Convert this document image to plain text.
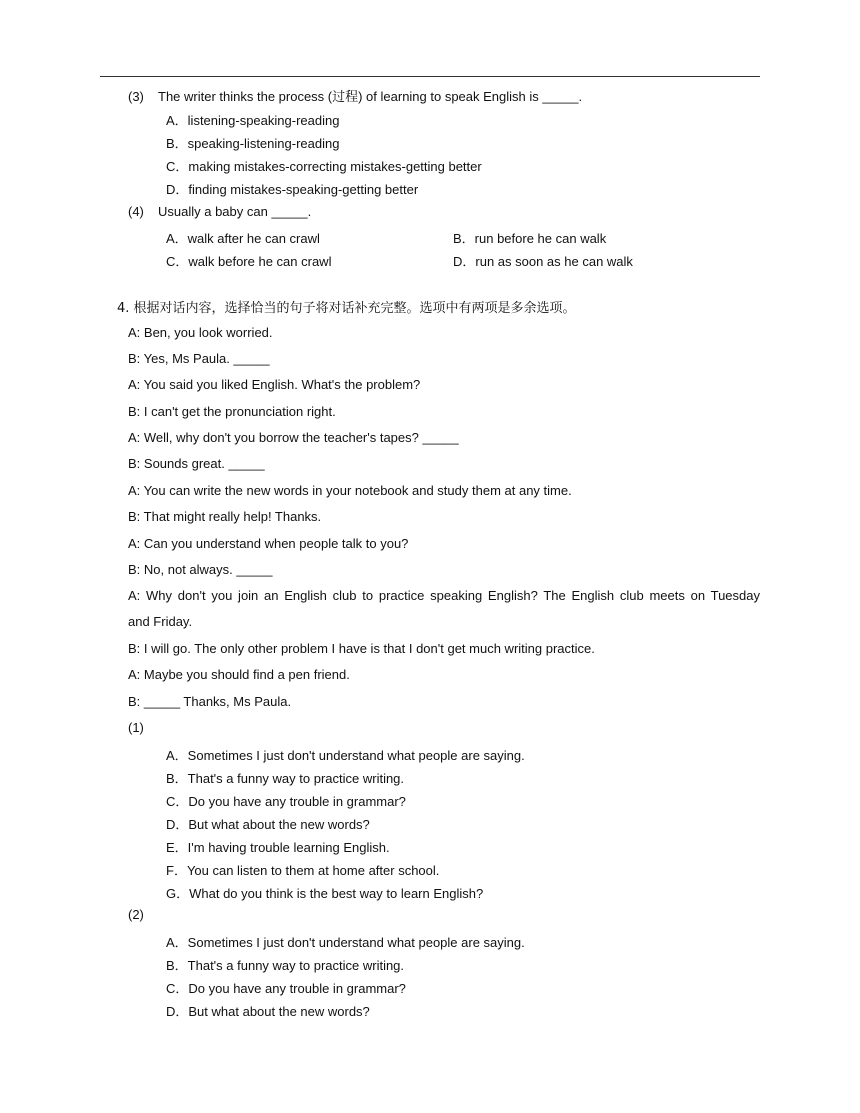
(3) The writer thinks the process (过程) of learning to speak English is _____.
A．listening-speaking-reading
B．speaking-listening-reading
C．making mistakes-correcting mistakes-getting better
D．finding mistakes-speaking-getting better
(4) Usually a baby can _____.
A．walk after he can crawl	B．run before he can walk
C．walk before he can crawl	D．run as soon as he can walk
4. 根据对话内容，选择恰当的句子将对话补充完整。选项中有两项是多余选项。
A: Ben, you look worried.
B: Yes, Ms Paula. _____
A: You said you liked English. What's the problem?
B: I can't get the pronunciation right.
A: Well, why don't you borrow the teacher's tapes? _____
B: Sounds great. _____
A: You can write the new words in your notebook and study them at any time.
B: That might really help! Thanks.
A: Can you understand when people talk to you?
B: No, not always. _____
A: Why don't you join an English club to practice speaking English? The English club meets on Tuesday
and Friday.
B: I will go. The only other problem I have is that I don't get much writing practice.
A: Maybe you should find a pen friend.
B: _____ Thanks, Ms Paula.
(1)
A．Sometimes I just don't understand what people are saying.
B．That's a funny way to practice writing.
C．Do you have any trouble in grammar?
D．But what about the new words?
E．I'm having trouble learning English.
F．You can listen to them at home after school.
G．What do you think is the best way to learn English?
(2)
A．Sometimes I just don't understand what people are saying.
B．That's a funny way to practice writing.
C．Do you have any trouble in grammar?
D．But what about the new words?
